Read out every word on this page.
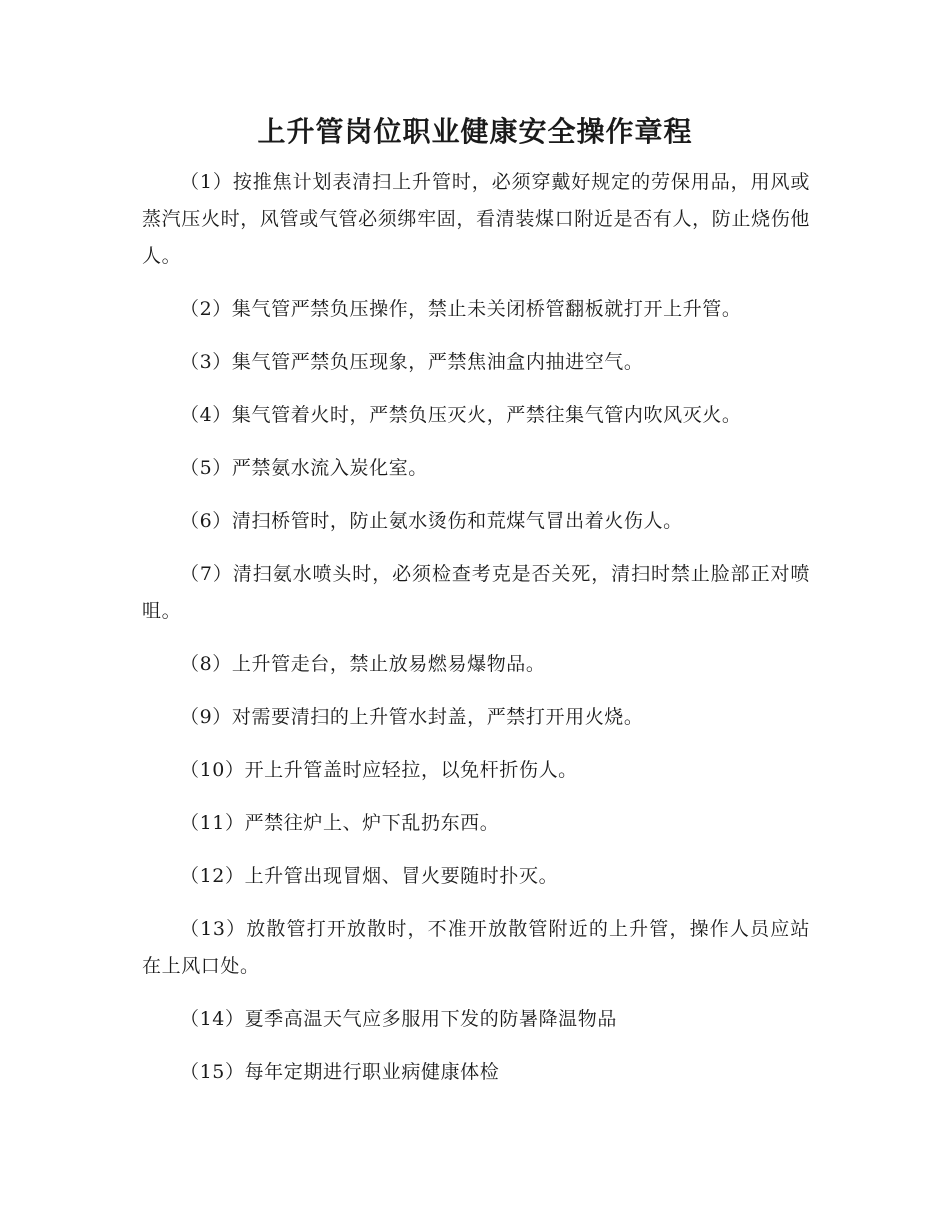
上升管岗位职业健康安全操作章程

（1）按推焦计划表清扫上升管时，必须穿戴好规定的劳保用品，用风或蒸汽压火时，风管或气管必须绑牢固，看清装煤口附近是否有人，防止烧伤他人。

（2）集气管严禁负压操作，禁止未关闭桥管翻板就打开上升管。

（3）集气管严禁负压现象，严禁焦油盒内抽进空气。

（4）集气管着火时，严禁负压灭火，严禁往集气管内吹风灭火。

（5）严禁氨水流入炭化室。

（6）清扫桥管时，防止氨水烫伤和荒煤气冒出着火伤人。

（7）清扫氨水喷头时，必须检查考克是否关死，清扫时禁止脸部正对喷咀。

（8）上升管走台，禁止放易燃易爆物品。

（9）对需要清扫的上升管水封盖，严禁打开用火烧。

（10）开上升管盖时应轻拉，以免杆折伤人。

（11）严禁往炉上、炉下乱扔东西。

（12）上升管出现冒烟、冒火要随时扑灭。

（13）放散管打开放散时，不准开放散管附近的上升管，操作人员应站在上风口处。

（14）夏季高温天气应多服用下发的防暑降温物品

（15）每年定期进行职业病健康体检
